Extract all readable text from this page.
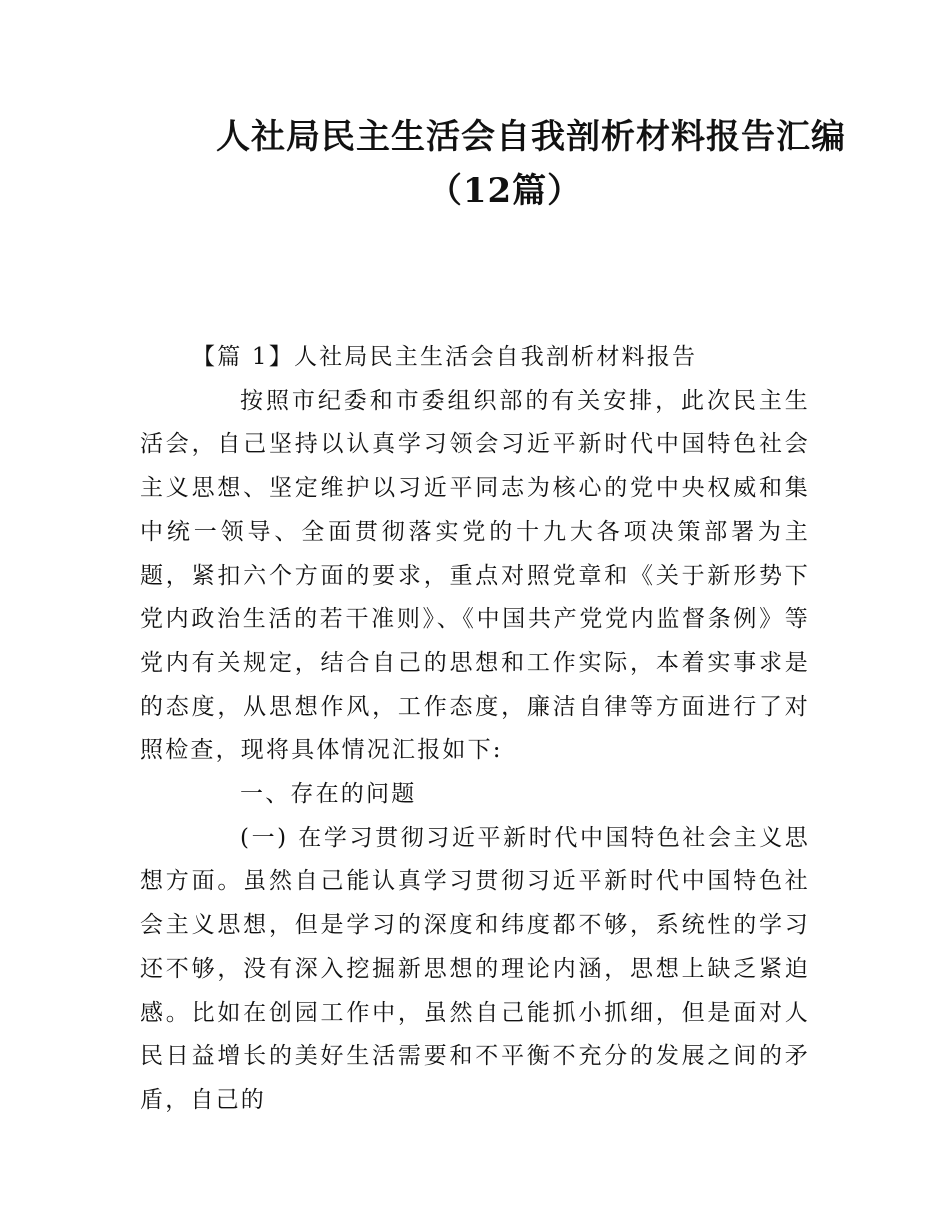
人社局民主生活会自我剖析材料报告汇编
（12篇）

【篇 1】人社局民主生活会自我剖析材料报告

按照市纪委和市委组织部的有关安排，此次民主生活会，自己坚持以认真学习领会习近平新时代中国特色社会主义思想、坚定维护以习近平同志为核心的党中央权威和集中统一领导、全面贯彻落实党的十九大各项决策部署为主题，紧扣六个方面的要求，重点对照党章和《关于新形势下党内政治生活的若干准则》、《中国共产党党内监督条例》等党内有关规定，结合自己的思想和工作实际，本着实事求是的态度，从思想作风，工作态度，廉洁自律等方面进行了对照检查，现将具体情况汇报如下:

一、存在的问题

(一) 在学习贯彻习近平新时代中国特色社会主义思想方面。虽然自己能认真学习贯彻习近平新时代中国特色社会主义思想，但是学习的深度和纬度都不够，系统性的学习还不够，没有深入挖掘新思想的理论内涵，思想上缺乏紧迫感。比如在创园工作中，虽然自己能抓小抓细，但是面对人民日益增长的美好生活需要和不平衡不充分的发展之间的矛盾，自己的
